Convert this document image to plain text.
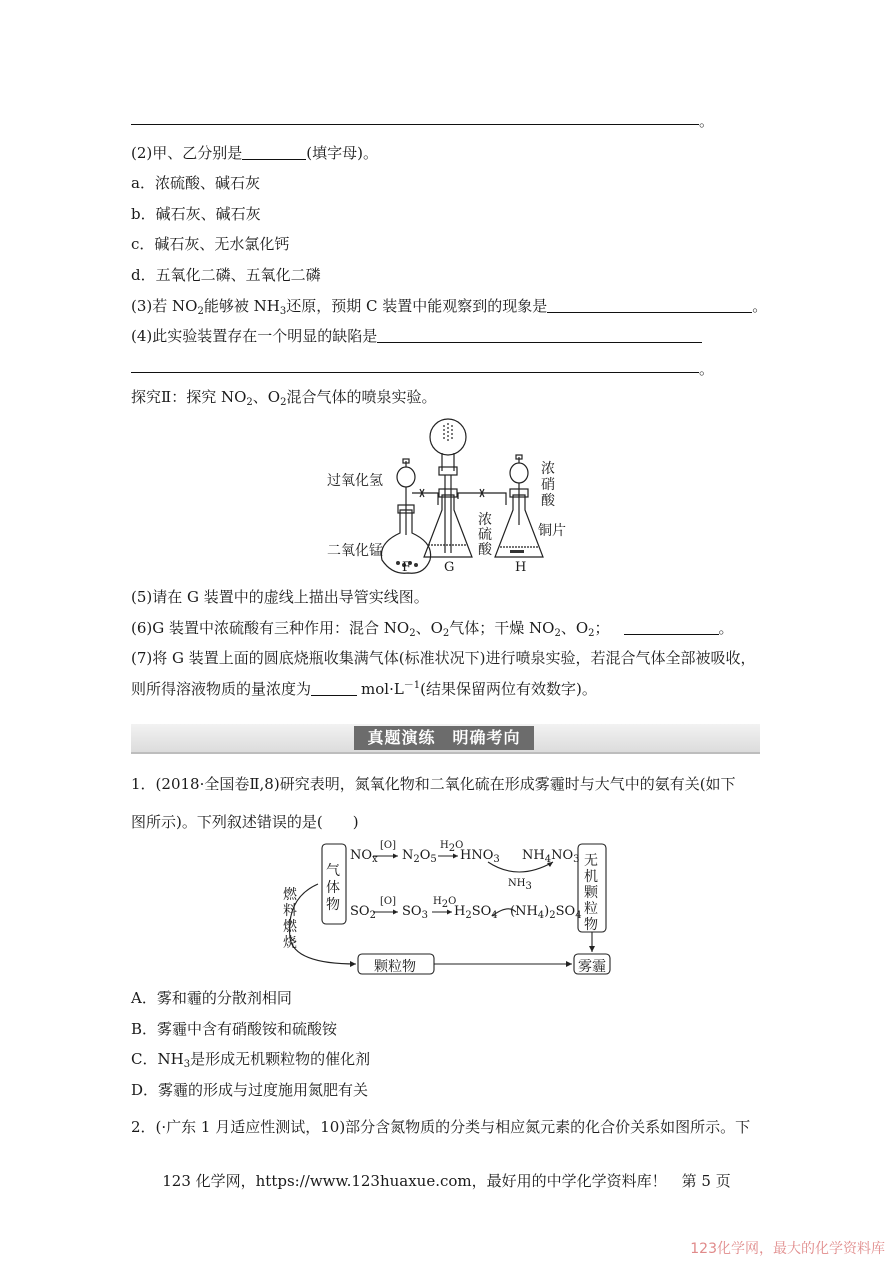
。
(2)甲、乙分别是	(填字母)。
a．浓硫酸、碱石灰
b．碱石灰、碱石灰
c．碱石灰、无水氯化钙
d．五氧化二磷、五氧化二磷
(3)若 $NO_2$能够被 $NH_3$还原，预期 C 装置中能观察到的现象是	。
(4)此实验装置存在一个明显的缺陷是
。
探究Ⅱ：探究 $NO_2$、$O_2$混合气体的喷泉实验。
过氧化氢
二氧化锰
浓
硫
酸
浓
硝
酸
铜片
F	G	H
(5)请在 G 装置中的虚线上描出导管实线图。
(6)G 装置中浓硫酸有三种作用：混合 $NO_2$、$O_2$气体；干燥 $NO_2$、$O_2$；	。
(7)将 G 装置上面的圆底烧瓶收集满气体(标准状况下)进行喷泉实验，若混合气体全部被吸收，
则所得溶液物质的量浓度为	$mol\cdot L^{-1}$(结果保留两位有效数字)。
真题演练　明确考向
1．(2018·全国卷Ⅱ,8)研究表明，氮氧化物和二氧化硫在形成雾霾时与大气中的氨有关(如下
图所示)。下列叙述错误的是(　　)
气
体
物
燃
料
燃
烧
无
机
颗
粒
物
颗粒物	雾霾
$NO_x$
[O]
$N_2O_5$
$H_2O$
$HNO_3$ $NH_4NO_3$
$NH_3$
$SO_2$
[O]
$SO_3$
$H_2O$
$H_2SO_4$ $(NH_4)_2SO_4$
A．雾和霾的分散剂相同
B．雾霾中含有硝酸铵和硫酸铵
C．$NH_3$是形成无机颗粒物的催化剂
D．雾霾的形成与过度施用氮肥有关
2．(·广东 1 月适应性测试，10)部分含氮物质的分类与相应氮元素的化合价关系如图所示。下
123 化学网，https://www.123huaxue.com，最好用的中学化学资料库！　第 5 页
123化学网，最大的化学资料库
